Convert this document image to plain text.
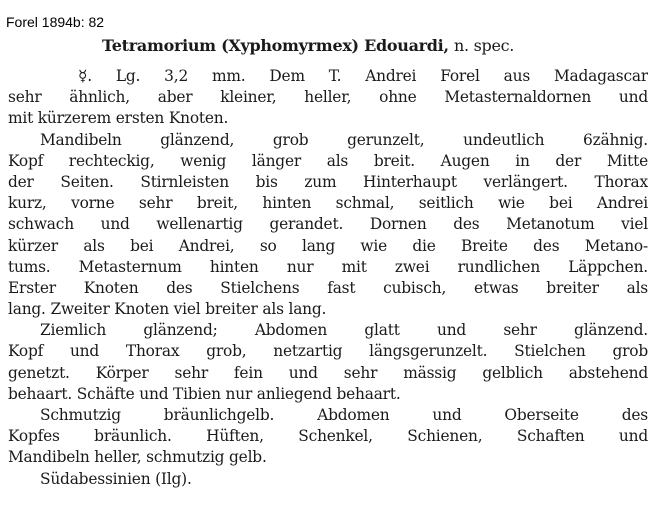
Forel 1894b: 82
Tetramorium (Xyphomyrmex) Edouardi, n. spec.
☿. Lg. 3,2 mm. Dem T. Andrei Forel aus Madagascar
sehr ähnlich, aber kleiner, heller, ohne Metasternaldornen und
mit kürzerem ersten Knoten.
Mandibeln glänzend, grob gerunzelt, undeutlich 6zähnig.
Kopf rechteckig, wenig länger als breit. Augen in der Mitte
der Seiten. Stirnleisten bis zum Hinterhaupt verlängert. Thorax
kurz, vorne sehr breit, hinten schmal, seitlich wie bei Andrei
schwach und wellenartig gerandet. Dornen des Metanotum viel
kürzer als bei Andrei, so lang wie die Breite des Metano-
tums. Metasternum hinten nur mit zwei rundlichen Läppchen.
Erster Knoten des Stielchens fast cubisch, etwas breiter als
lang. Zweiter Knoten viel breiter als lang.
Ziemlich glänzend; Abdomen glatt und sehr glänzend.
Kopf und Thorax grob, netzartig längsgerunzelt. Stielchen grob
genetzt. Körper sehr fein und sehr mässig gelblich abstehend
behaart. Schäfte und Tibien nur anliegend behaart.
Schmutzig bräunlichgelb. Abdomen und Oberseite des
Kopfes bräunlich. Hüften, Schenkel, Schienen, Schaften und
Mandibeln heller, schmutzig gelb.
Südabessinien (Ilg).
